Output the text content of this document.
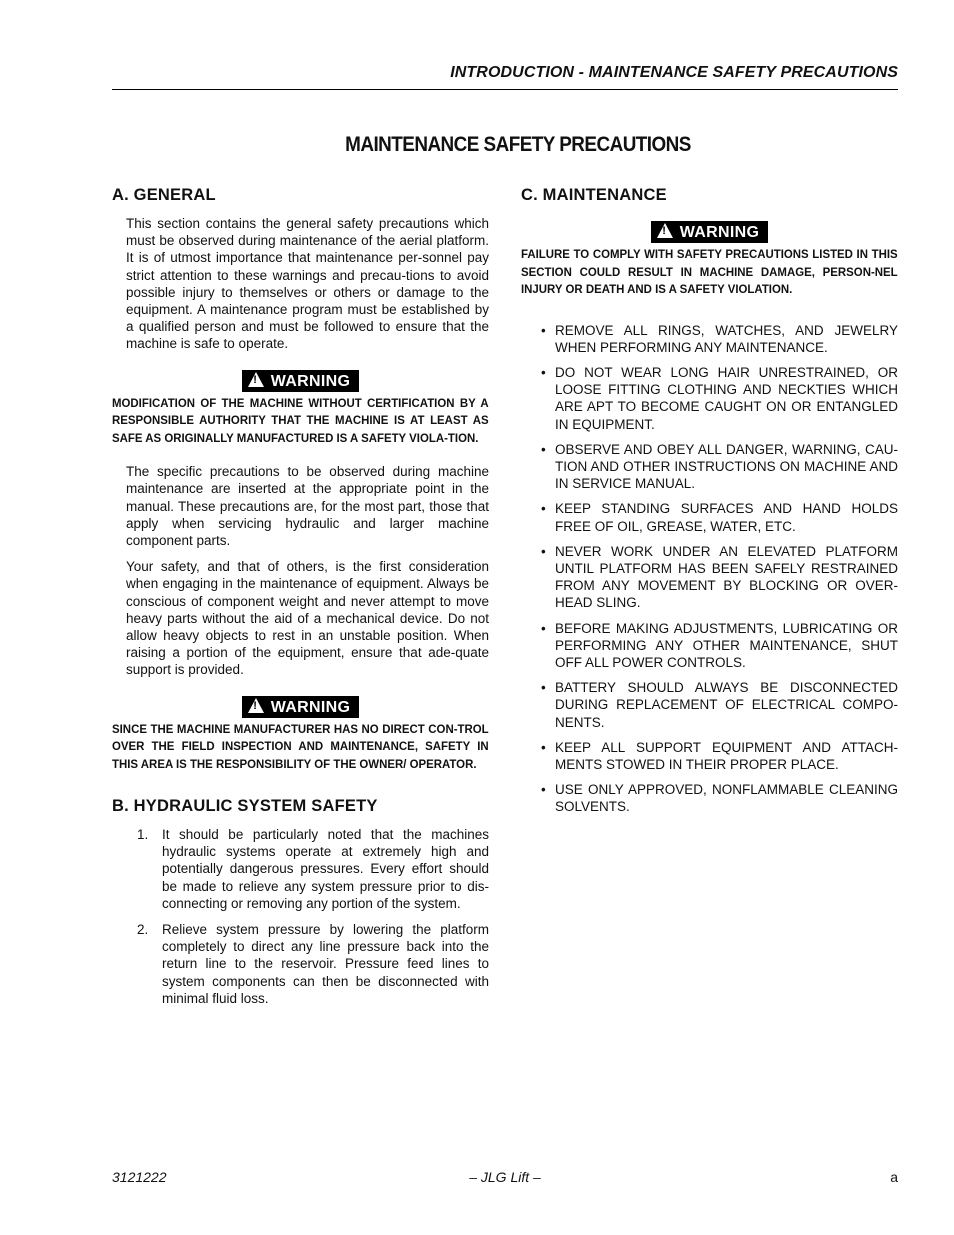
INTRODUCTION - MAINTENANCE SAFETY PRECAUTIONS
MAINTENANCE SAFETY PRECAUTIONS
A. GENERAL

This section contains the general safety precautions which must be observed during maintenance of the aerial platform. It is of utmost importance that maintenance per-sonnel pay strict attention to these warnings and precau-tions to avoid possible injury to themselves or others or damage to the equipment. A maintenance program must be established by a qualified person and must be followed to ensure that the machine is safe to operate.

!WARNING

MODIFICATION OF THE MACHINE WITHOUT CERTIFICATION BY A RESPONSIBLE AUTHORITY THAT THE MACHINE IS AT LEAST AS SAFE AS ORIGINALLY MANUFACTURED IS A SAFETY VIOLA-TION.

The specific precautions to be observed during machine maintenance are inserted at the appropriate point in the manual. These precautions are, for the most part, those that apply when servicing hydraulic and larger machine component parts.

Your safety, and that of others, is the first consideration when engaging in the maintenance of equipment. Always be conscious of component weight and never attempt to move heavy parts without the aid of a mechanical device. Do not allow heavy objects to rest in an unstable position. When raising a portion of the equipment, ensure that ade-quate support is provided.

!WARNING

SINCE THE MACHINE MANUFACTURER HAS NO DIRECT CON-TROL OVER THE FIELD INSPECTION AND MAINTENANCE, SAFETY IN THIS AREA IS THE RESPONSIBILITY OF THE OWNER/ OPERATOR.

B. HYDRAULIC SYSTEM SAFETY
1. It should be particularly noted that the machines hydraulic systems operate at extremely high and potentially dangerous pressures. Every effort should be made to relieve any system pressure prior to dis-connecting or removing any portion of the system.
2. Relieve system pressure by lowering the platform completely to direct any line pressure back into the return line to the reservoir. Pressure feed lines to system components can then be disconnected with minimal fluid loss.
C. MAINTENANCE
!WARNING

FAILURE TO COMPLY WITH SAFETY PRECAUTIONS LISTED IN THIS SECTION COULD RESULT IN MACHINE DAMAGE, PERSON-NEL INJURY OR DEATH AND IS A SAFETY VIOLATION.

• REMOVE ALL RINGS, WATCHES, AND JEWELRY WHEN PERFORMING ANY MAINTENANCE.
• DO NOT WEAR LONG HAIR UNRESTRAINED, OR LOOSE FITTING CLOTHING AND NECKTIES WHICH ARE APT TO BECOME CAUGHT ON OR ENTANGLED IN EQUIPMENT.
• OBSERVE AND OBEY ALL DANGER, WARNING, CAU-TION AND OTHER INSTRUCTIONS ON MACHINE AND IN SERVICE MANUAL.
• KEEP STANDING SURFACES AND HAND HOLDS FREE OF OIL, GREASE, WATER, ETC.
• NEVER WORK UNDER AN ELEVATED PLATFORM UNTIL PLATFORM HAS BEEN SAFELY RESTRAINED FROM ANY MOVEMENT BY BLOCKING OR OVER-HEAD SLING.
• BEFORE MAKING ADJUSTMENTS, LUBRICATING OR PERFORMING ANY OTHER MAINTENANCE, SHUT OFF ALL POWER CONTROLS.
• BATTERY SHOULD ALWAYS BE DISCONNECTED DURING REPLACEMENT OF ELECTRICAL COMPO-NENTS.
• KEEP ALL SUPPORT EQUIPMENT AND ATTACH-MENTS STOWED IN THEIR PROPER PLACE.
• USE ONLY APPROVED, NONFLAMMABLE CLEANING SOLVENTS.
3121222	– JLG Lift –	a
